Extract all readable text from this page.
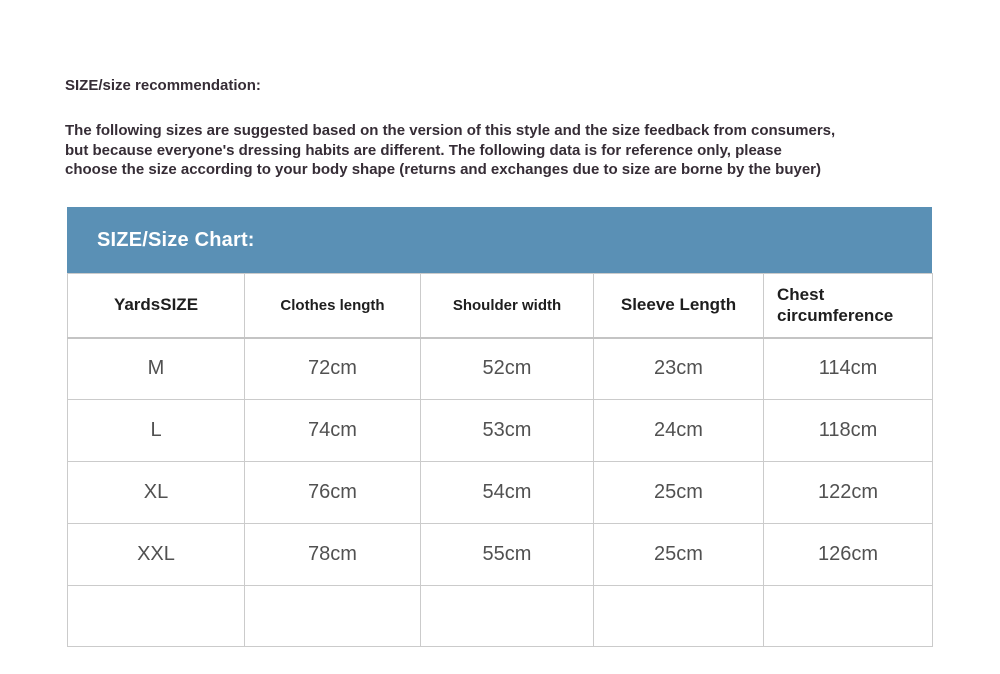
SIZE/size recommendation:
The following sizes are suggested based on the version of this style and the size feedback from consumers,
but because everyone's dressing habits are different. The following data is for reference only, please
choose the size according to your body shape (returns and exchanges due to size are borne by the buyer)
SIZE/Size Chart:
YardsSIZE	Clothes length	Shoulder width	Sleeve Length	Chest circumference
M	72cm	52cm	23cm	114cm
L	74cm	53cm	24cm	118cm
XL	76cm	54cm	25cm	122cm
XXL	78cm	55cm	25cm	126cm
